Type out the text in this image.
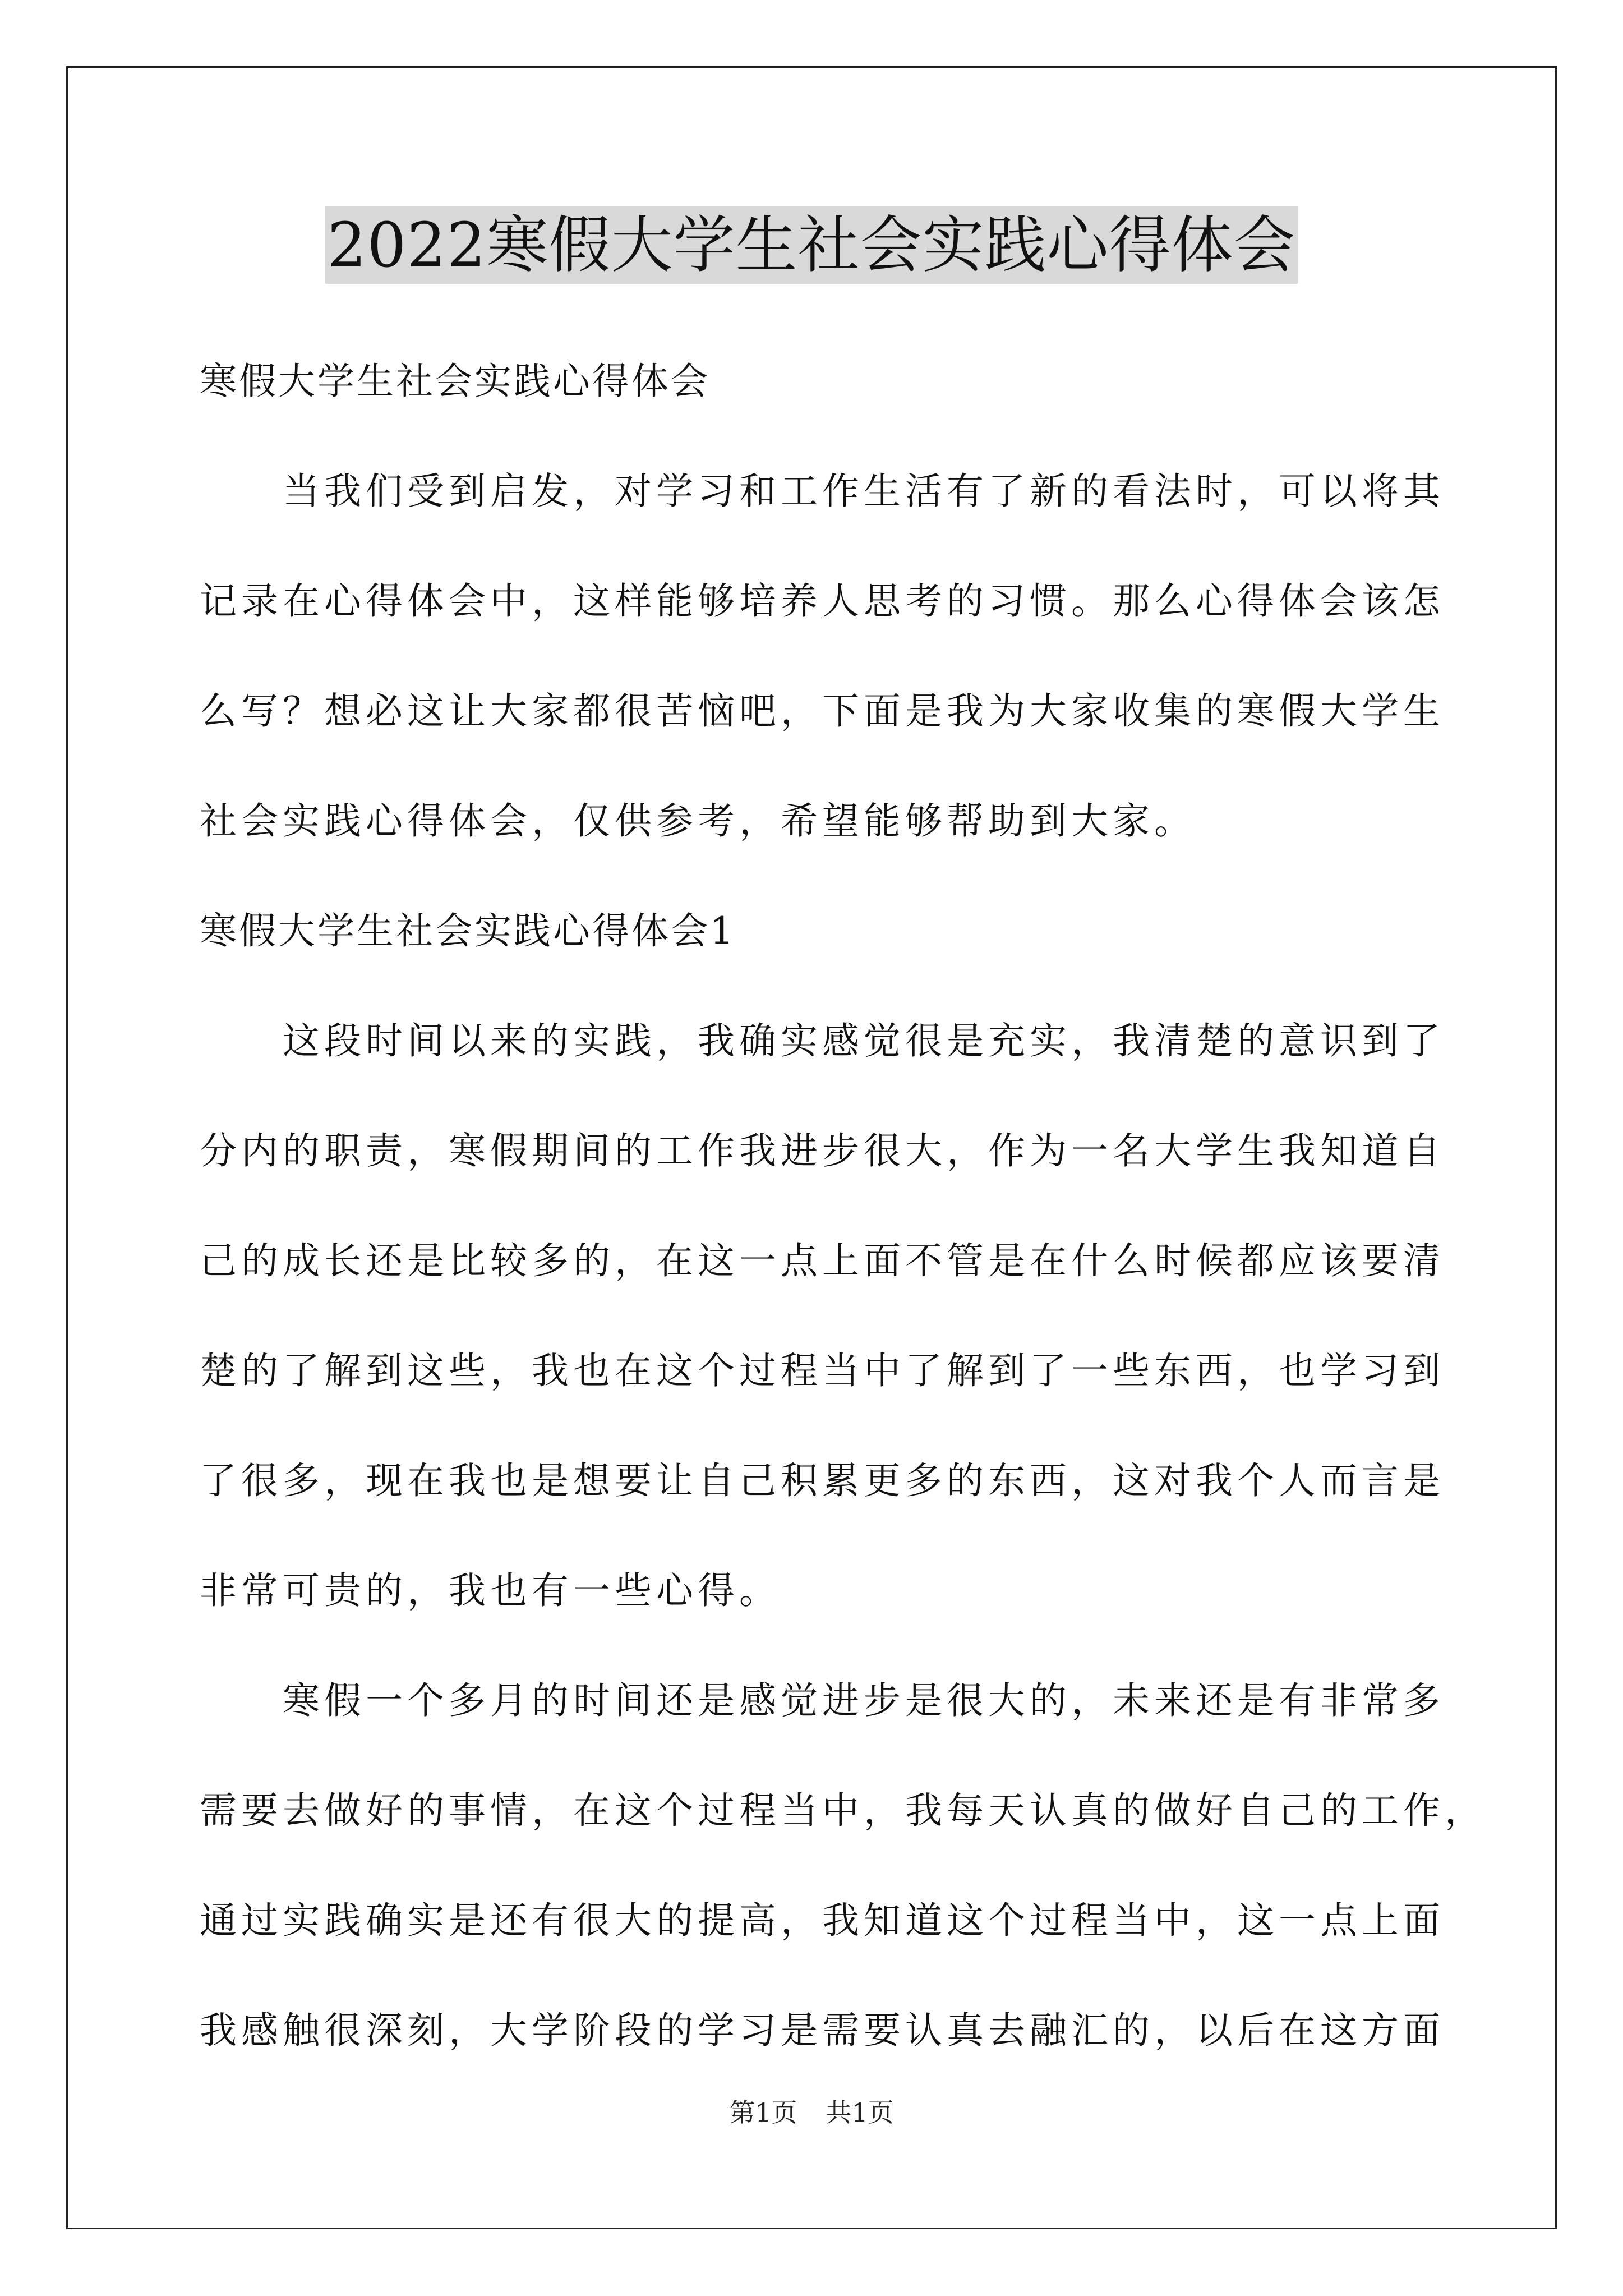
2022寒假大学生社会实践心得体会
寒假大学生社会实践心得体会
当我们受到启发，对学习和工作生活有了新的看法时，可以将其
记录在心得体会中，这样能够培养人思考的习惯。那么心得体会该怎
么写？想必这让大家都很苦恼吧，下面是我为大家收集的寒假大学生
社会实践心得体会，仅供参考，希望能够帮助到大家。
寒假大学生社会实践心得体会1
这段时间以来的实践，我确实感觉很是充实，我清楚的意识到了
分内的职责，寒假期间的工作我进步很大，作为一名大学生我知道自
己的成长还是比较多的，在这一点上面不管是在什么时候都应该要清
楚的了解到这些，我也在这个过程当中了解到了一些东西，也学习到
了很多，现在我也是想要让自己积累更多的东西，这对我个人而言是
非常可贵的，我也有一些心得。
寒假一个多月的时间还是感觉进步是很大的，未来还是有非常多
需要去做好的事情，在这个过程当中，我每天认真的做好自己的工作，
通过实践确实是还有很大的提高，我知道这个过程当中，这一点上面
我感触很深刻，大学阶段的学习是需要认真去融汇的，以后在这方面
第1页 共1页
